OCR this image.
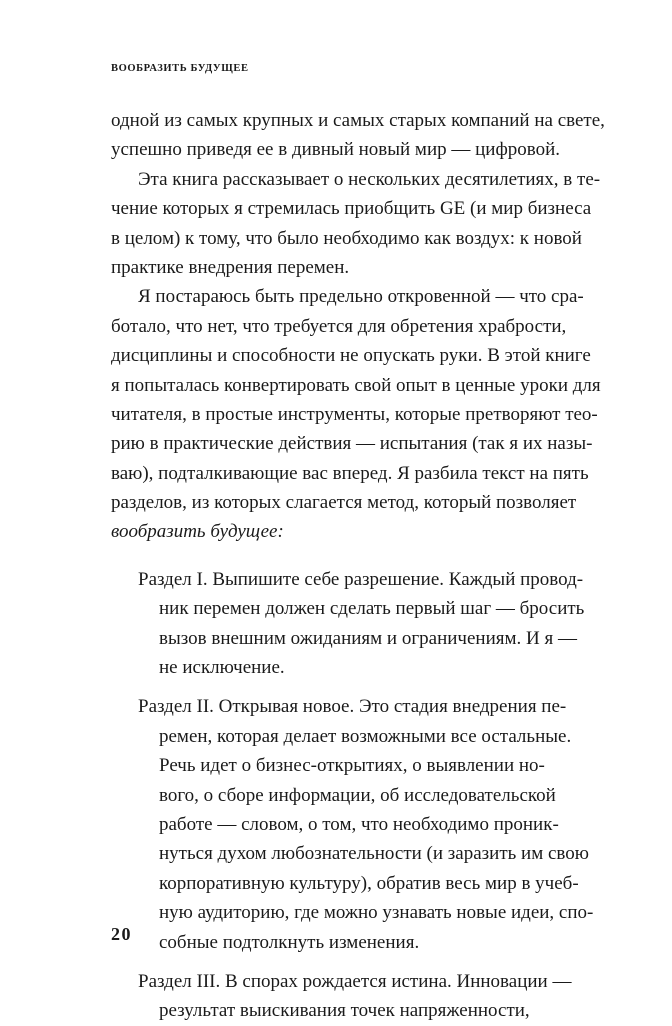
ВООБРАЗИТЬ БУДУЩЕЕ
одной из самых крупных и самых старых компаний на свете,
успешно приведя ее в дивный новый мир — цифровой.
Эта книга рассказывает о нескольких десятилетиях, в те-
чение которых я стремилась приобщить GE (и мир бизнеса
в целом) к тому, что было необходимо как воздух: к новой
практике внедрения перемен.
Я постараюсь быть предельно откровенной — что сра-
ботало, что нет, что требуется для обретения храбрости,
дисциплины и способности не опускать руки. В этой книге
я попыталась конвертировать свой опыт в ценные уроки для
читателя, в простые инструменты, которые претворяют тео-
рию в практические действия — испытания (так я их назы-
ваю), подталкивающие вас вперед. Я разбила текст на пять
разделов, из которых слагается метод, который позволяет
вообразить будущее:
Раздел I. Выпишите себе разрешение. Каждый провод-
ник перемен должен сделать первый шаг — бросить
вызов внешним ожиданиям и ограничениям. И я —
не исключение.
Раздел II. Открывая новое. Это стадия внедрения пе-
ремен, которая делает возможными все остальные.
Речь идет о бизнес-открытиях, о выявлении но-
вого, о сборе информации, об исследовательской
работе — словом, о том, что необходимо проник-
нуться духом любознательности (и заразить им свою
корпоративную культуру), обратив весь мир в учеб-
ную аудиторию, где можно узнавать новые идеи, спо-
собные подтолкнуть изменения.
Раздел III. В спорах рождается истина. Инновации —
результат выискивания точек напряженности,
20
